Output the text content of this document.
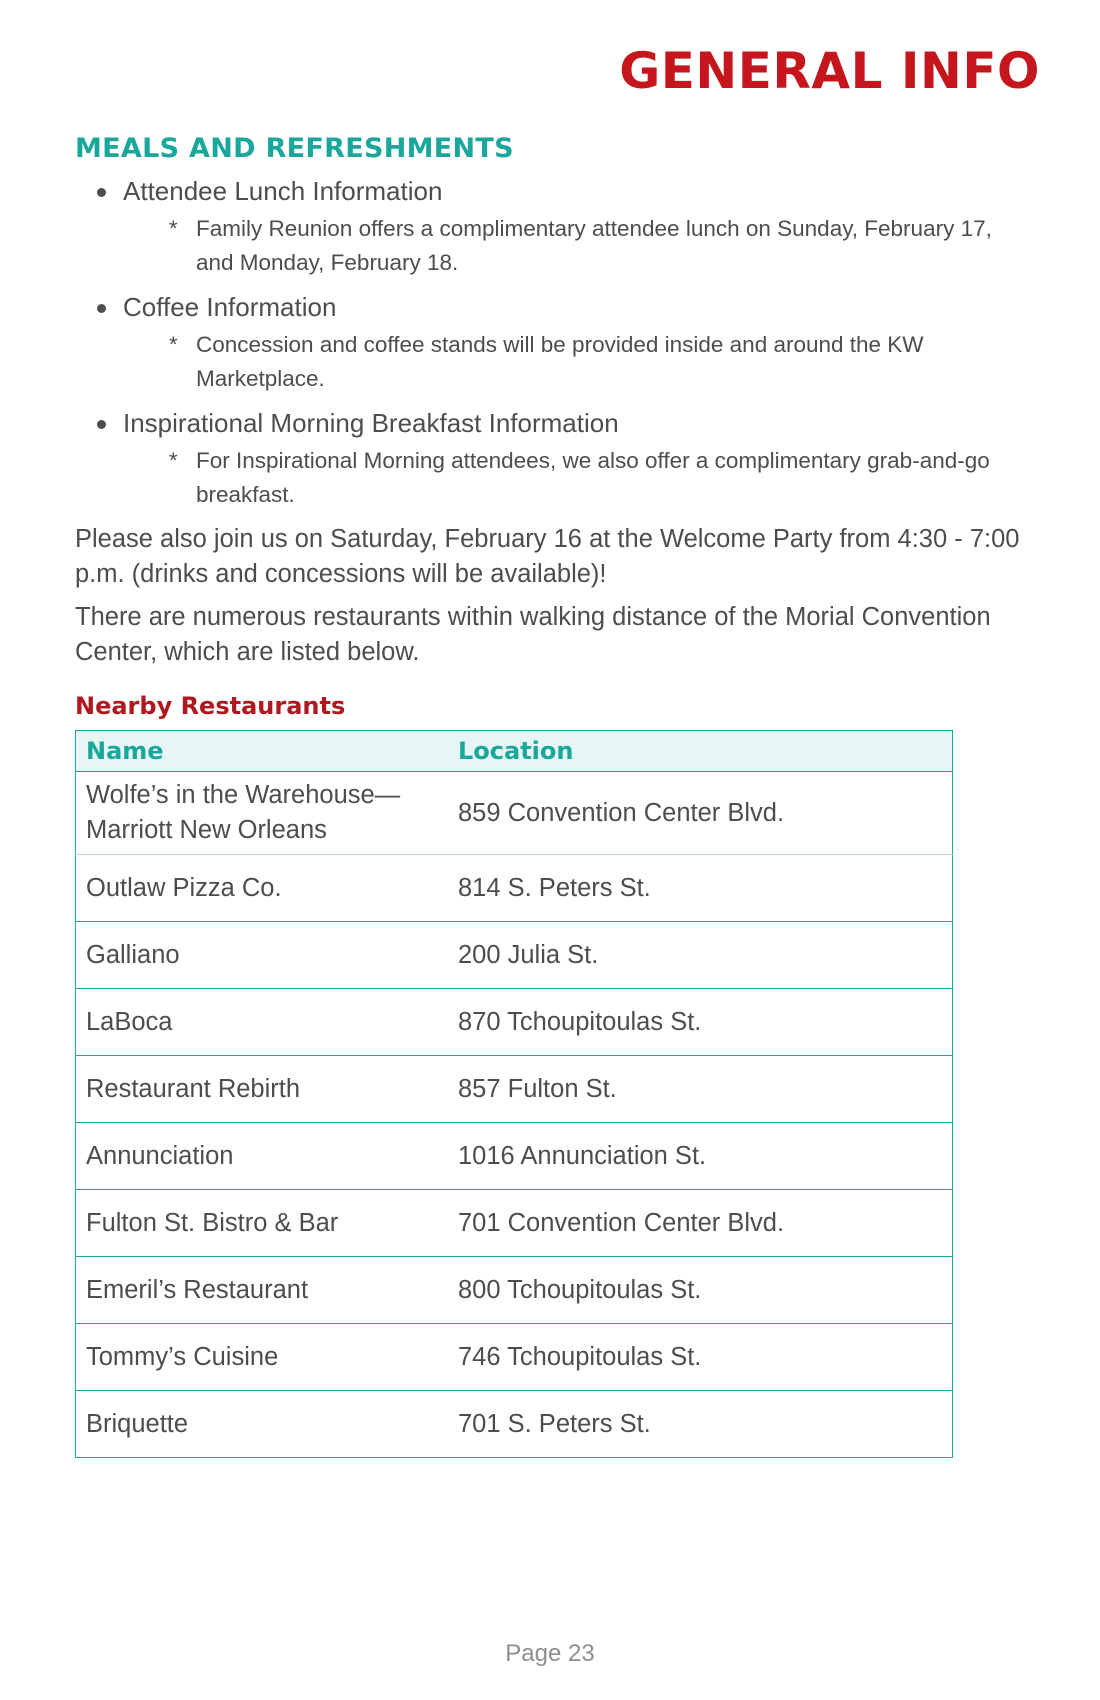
GENERAL INFO
MEALS AND REFRESHMENTS
Attendee Lunch Information
* Family Reunion offers a complimentary attendee lunch on Sunday, February 17, and Monday, February 18.
Coffee Information
* Concession and coffee stands will be provided inside and around the KW Marketplace.
Inspirational Morning Breakfast Information
* For Inspirational Morning attendees, we also offer a complimentary grab-and-go breakfast.

Please also join us on Saturday, February 16 at the Welcome Party from 4:30 - 7:00 p.m. (drinks and concessions will be available)!

There are numerous restaurants within walking distance of the Morial Convention Center, which are listed below.

Nearby Restaurants
Name	Location
Wolfe’s in the Warehouse—Marriott New Orleans	859 Convention Center Blvd.
Outlaw Pizza Co.	814 S. Peters St.
Galliano	200 Julia St.
LaBoca	870 Tchoupitoulas St.
Restaurant Rebirth	857 Fulton St.
Annunciation	1016 Annunciation St.
Fulton St. Bistro & Bar	701 Convention Center Blvd.
Emeril’s Restaurant	800 Tchoupitoulas St.
Tommy’s Cuisine	746 Tchoupitoulas St.
Briquette	701 S. Peters St.
Page 23
